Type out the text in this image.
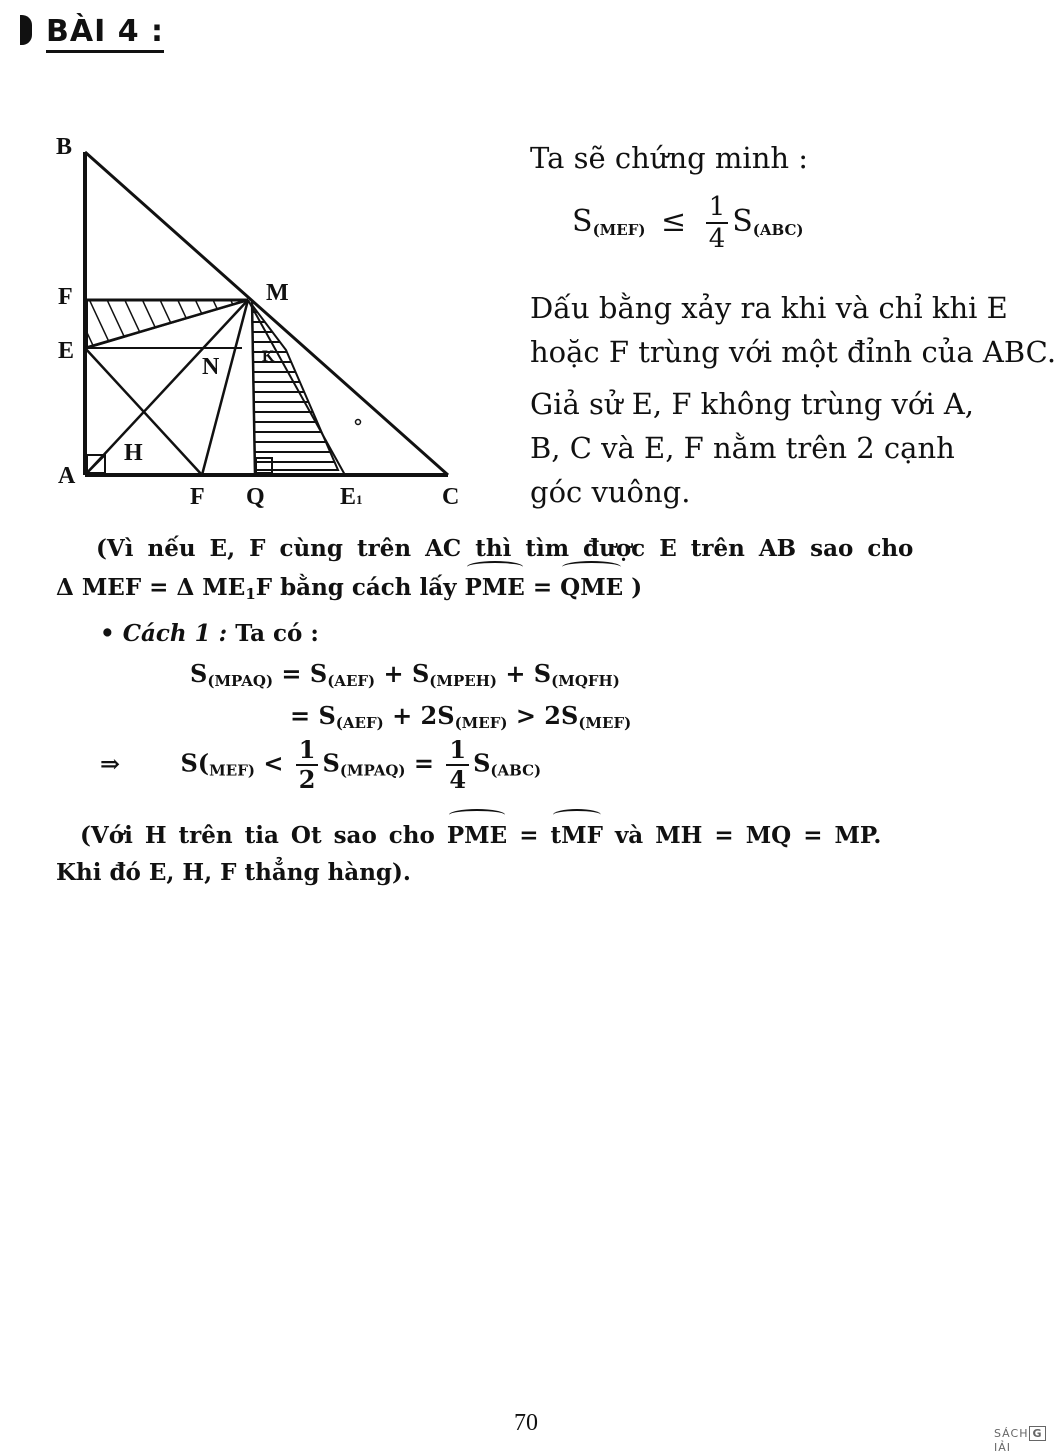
BÀI 4 :
B
F
E
A
H
N
M
K
F Q	E1	C
Ta sẽ chứng minh :
$S_{(MEF)} \le \frac{1}{4} S_{(ABC)}$
Dấu bằng xảy ra khi và chỉ khi E
hoặc F trùng với một đỉnh của ABC.
Giả sử E, F không trùng với A,
B, C và E, F nằm trên 2 cạnh
góc vuông.
(Vì nếu E, F cùng trên AC thì tìm được E trên AB sao cho
Δ MEF = Δ $ME_1F$ bằng cách lấy PME = QME )
• Cách 1 : Ta có :
$S_{(MPAQ)} = S_{(AEF)} + S_{(MPEH)} + S_{(MQFH)}$
= $S_{(AEF)} + 2S_{(MEF)} > 2S_{(MEF)}$
⇒	$S(_{MEF)} < \frac{1}{2} S_{(MPAQ)} = \frac{1}{4} S_{(ABC)}$
(Với H trên tia Ot sao cho PME = tMF và MH = MQ = MP.
Khi đó E, H, F thẳng hàng).
70	SÁCH GIẢI
